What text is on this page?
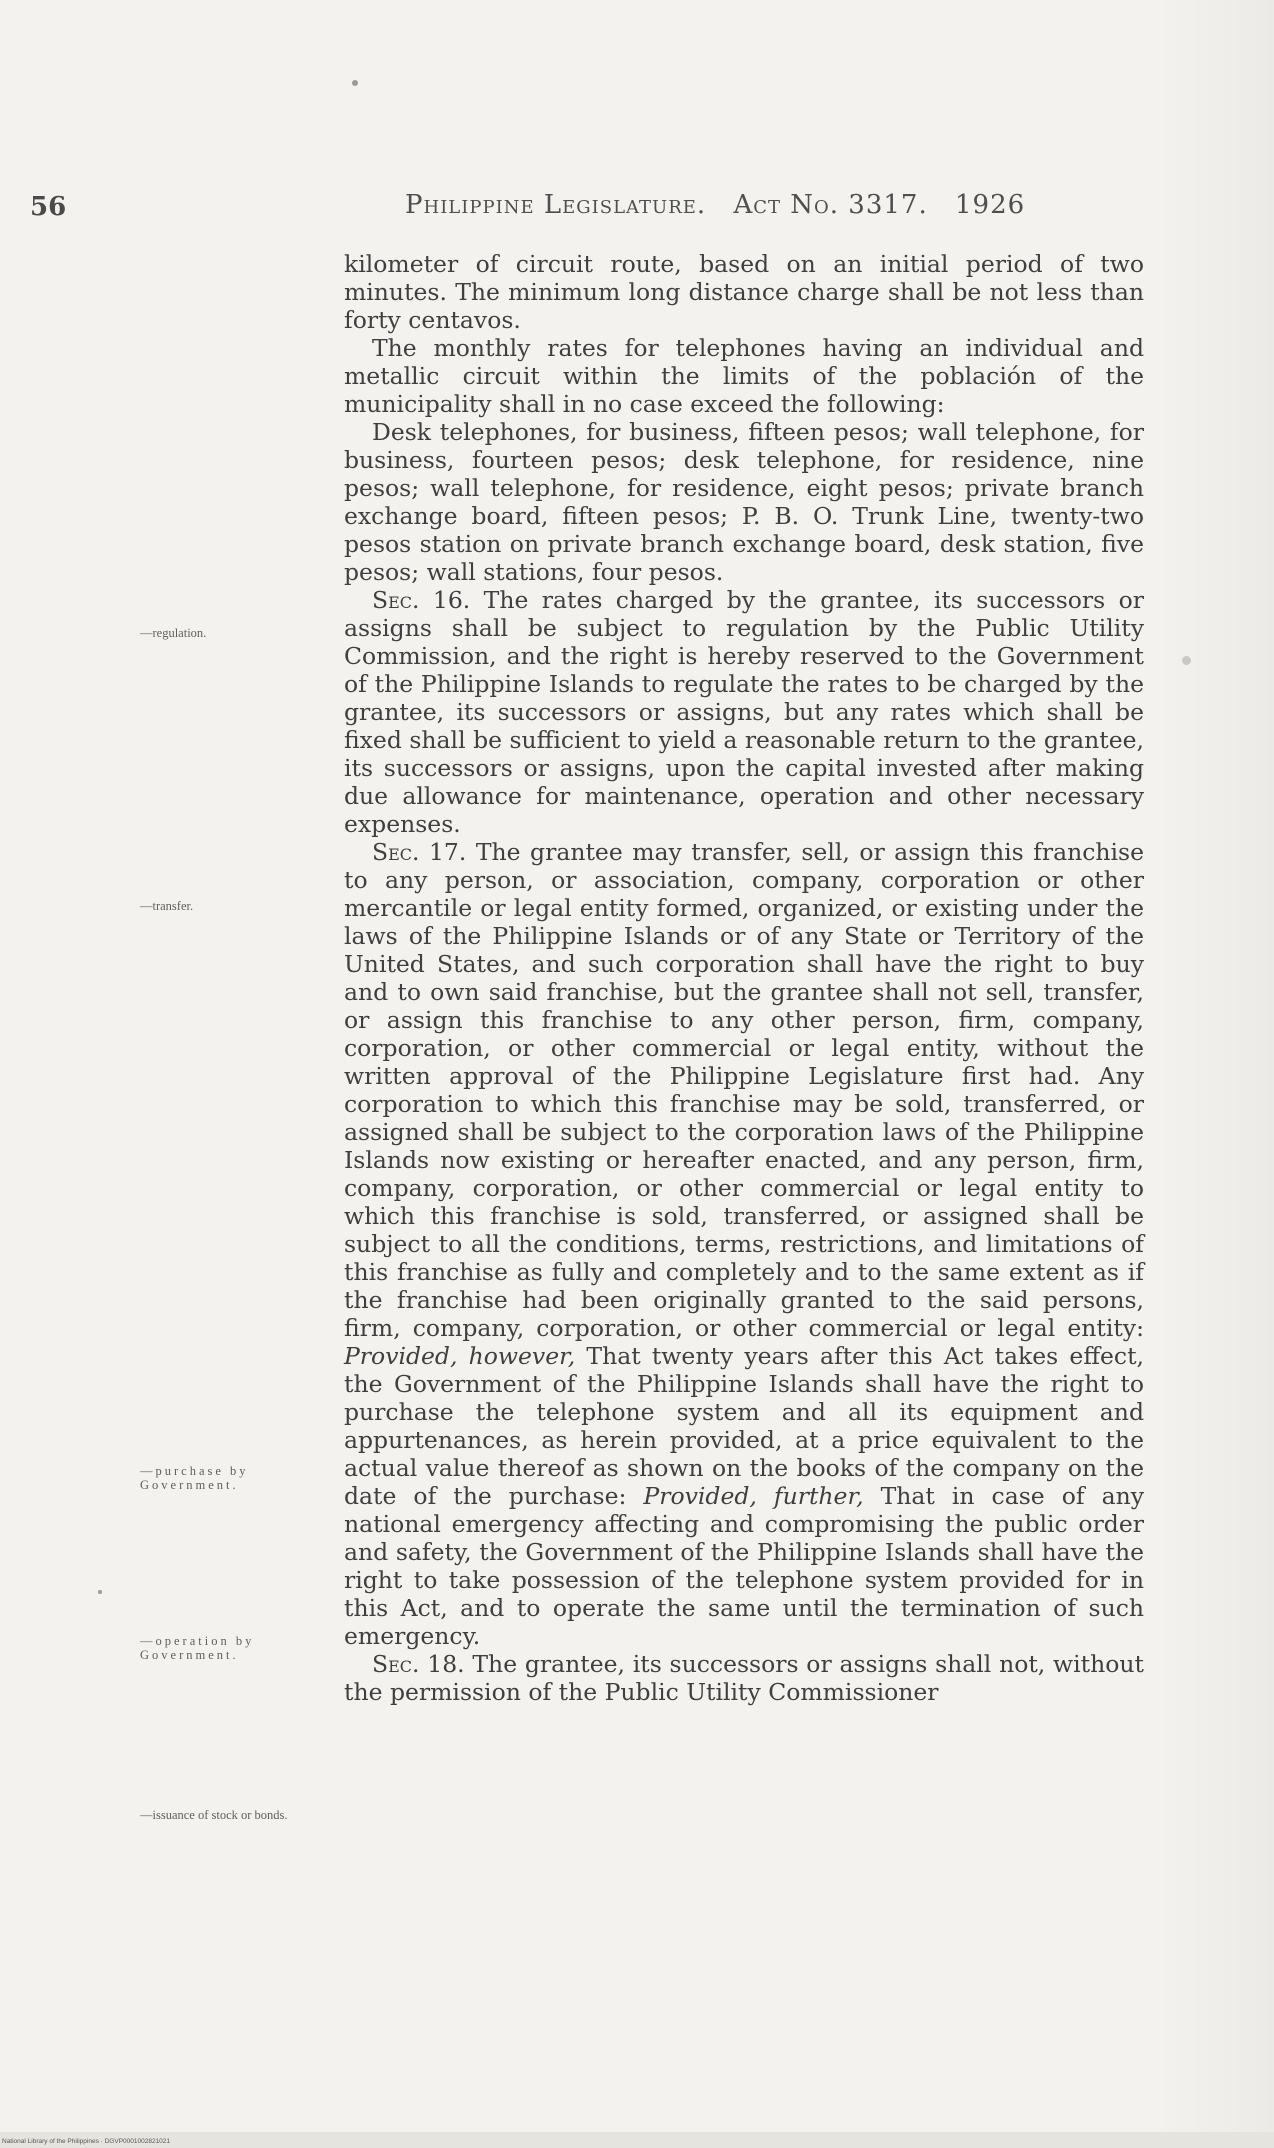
56	Philippine Legislature. Act No. 3317. 1926
—regulation.
—transfer.
—purchase by Government.
—operation by Government.
—issuance of stock or bonds.

kilometer of circuit route, based on an initial period of two minutes. The minimum long distance charge shall be not less than forty centavos.

The monthly rates for telephones having an individual and metallic circuit within the limits of the población of the municipality shall in no case exceed the following:

Desk telephones, for business, fifteen pesos; wall telephone, for business, fourteen pesos; desk telephone, for residence, nine pesos; wall telephone, for residence, eight pesos; private branch exchange board, fifteen pesos; P. B. O. Trunk Line, twenty-two pesos station on private branch exchange board, desk station, five pesos; wall stations, four pesos.

Sec. 16. The rates charged by the grantee, its successors or assigns shall be subject to regulation by the Public Utility Commission, and the right is hereby reserved to the Government of the Philippine Islands to regulate the rates to be charged by the grantee, its successors or assigns, but any rates which shall be fixed shall be sufficient to yield a reasonable return to the grantee, its successors or assigns, upon the capital invested after making due allowance for maintenance, operation and other necessary expenses.

Sec. 17. The grantee may transfer, sell, or assign this franchise to any person, or association, company, corporation or other mercantile or legal entity formed, organized, or existing under the laws of the Philippine Islands or of any State or Territory of the United States, and such corporation shall have the right to buy and to own said franchise, but the grantee shall not sell, transfer, or assign this franchise to any other person, firm, company, corporation, or other commercial or legal entity, without the written approval of the Philippine Legislature first had. Any corporation to which this franchise may be sold, transferred, or assigned shall be subject to the corporation laws of the Philippine Islands now existing or hereafter enacted, and any person, firm, company, corporation, or other commercial or legal entity to which this franchise is sold, transferred, or assigned shall be subject to all the conditions, terms, restrictions, and limitations of this franchise as fully and completely and to the same extent as if the franchise had been originally granted to the said persons, firm, company, corporation, or other commercial or legal entity: Provided, however, That twenty years after this Act takes effect, the Government of the Philippine Islands shall have the right to purchase the telephone system and all its equipment and appurtenances, as herein provided, at a price equivalent to the actual value thereof as shown on the books of the company on the date of the purchase: Provided, further, That in case of any national emergency affecting and compromising the public order and safety, the Government of the Philippine Islands shall have the right to take possession of the telephone system provided for in this Act, and to operate the same until the termination of such emergency.

Sec. 18. The grantee, its successors or assigns shall not, without the permission of the Public Utility Commissioner

National Library of the Philippines · DGVP0001002821021
